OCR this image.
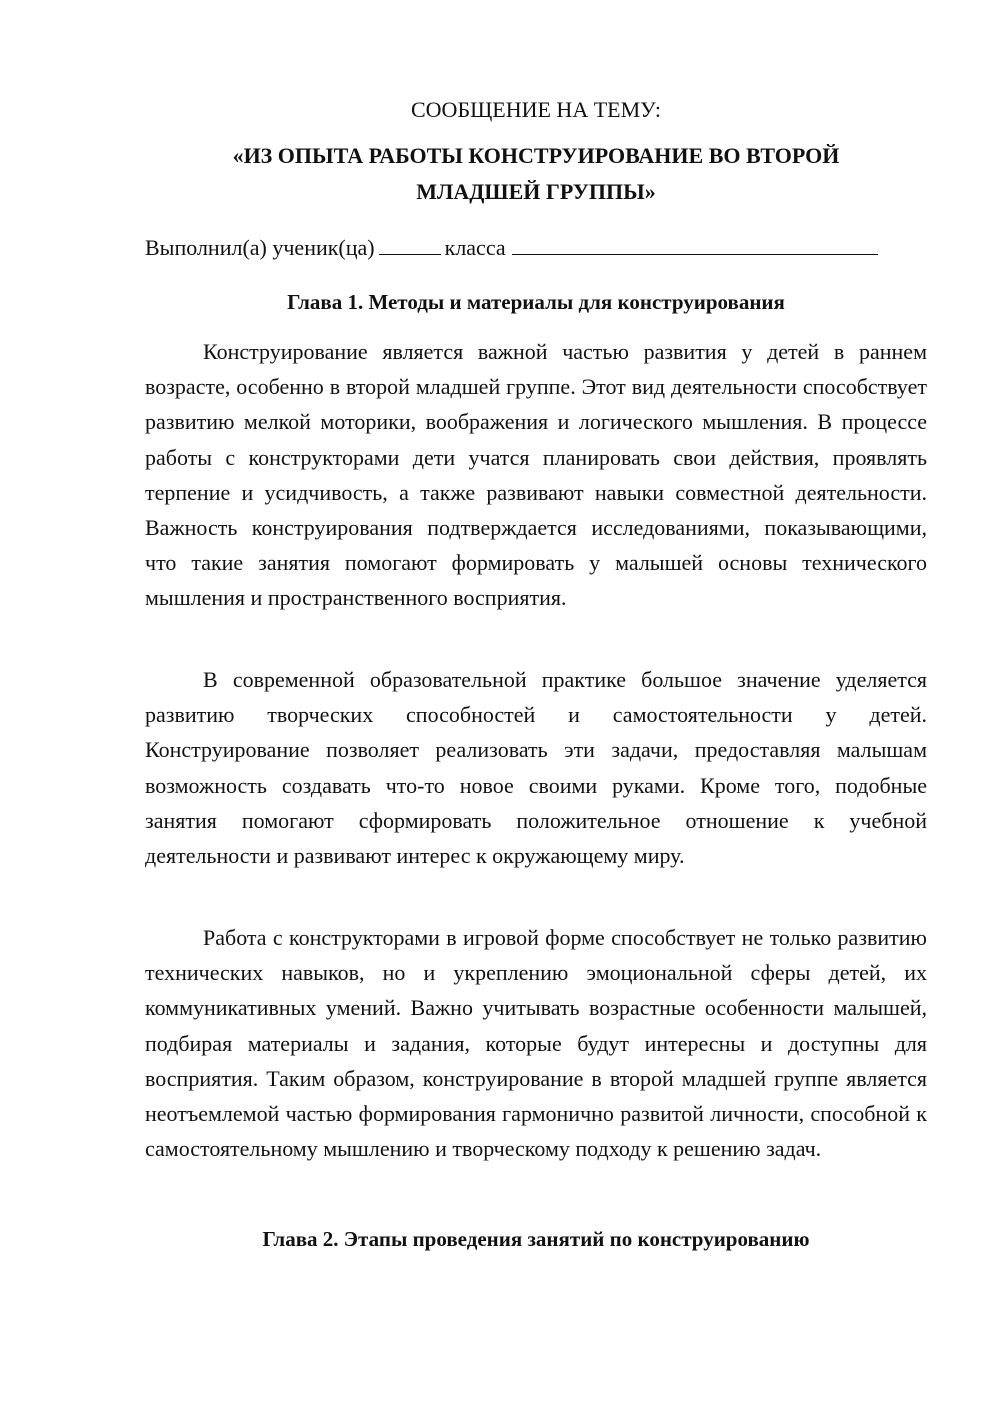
СООБЩЕНИЕ НА ТЕМУ:
«ИЗ ОПЫТА РАБОТЫ КОНСТРУИРОВАНИЕ ВО ВТОРОЙ
МЛАДШЕЙ ГРУППЫ»
Выполнил(а) ученик(ца)	класса
Глава 1. Методы и материалы для конструирования

Конструирование является важной частью развития у детей в раннем возрасте, особенно в второй младшей группе. Этот вид деятельности способствует развитию мелкой моторики, воображения и логического мышления. В процессе работы с конструкторами дети учатся планировать свои действия, проявлять терпение и усидчивость, а также развивают навыки совместной деятельности. Важность конструирования подтверждается исследованиями, показывающими, что такие занятия помогают формировать у малышей основы технического мышления и пространственного восприятия.

В современной образовательной практике большое значение уделяется развитию творческих способностей и самостоятельности у детей. Конструирование позволяет реализовать эти задачи, предоставляя малышам возможность создавать что-то новое своими руками. Кроме того, подобные занятия помогают сформировать положительное отношение к учебной деятельности и развивают интерес к окружающему миру.

Работа с конструкторами в игровой форме способствует не только развитию технических навыков, но и укреплению эмоциональной сферы детей, их коммуникативных умений. Важно учитывать возрастные особенности малышей, подбирая материалы и задания, которые будут интересны и доступны для восприятия. Таким образом, конструирование в второй младшей группе является неотъемлемой частью формирования гармонично развитой личности, способной к самостоятельному мышлению и творческому подходу к решению задач.

Глава 2. Этапы проведения занятий по конструированию
